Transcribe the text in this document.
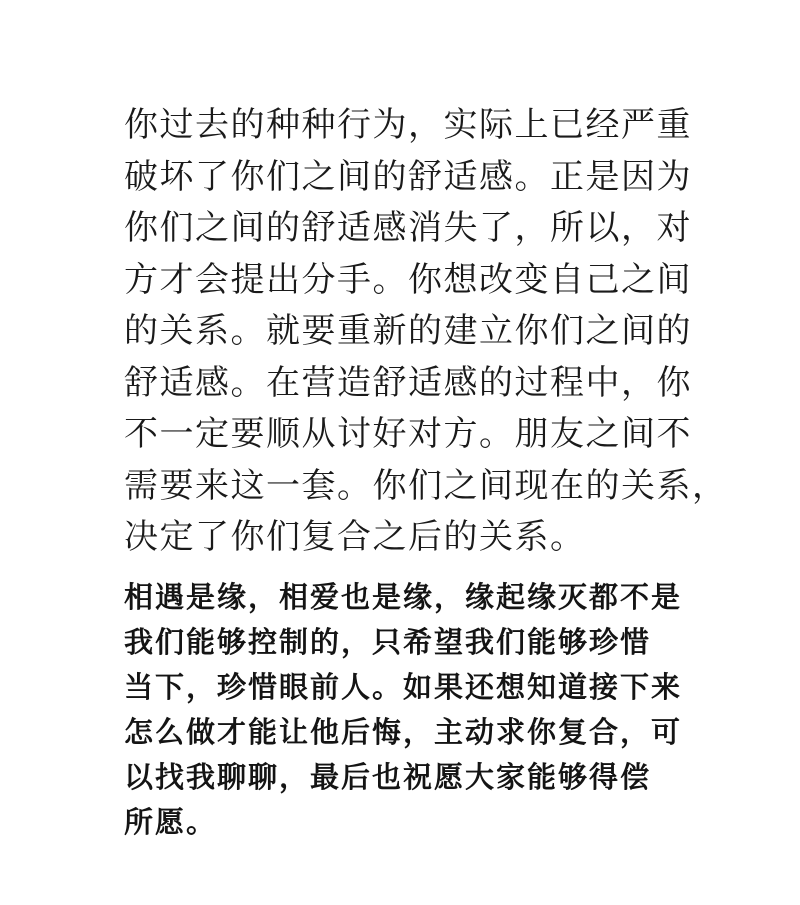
你过去的种种行为，实际上已经严重
破坏了你们之间的舒适感。正是因为
你们之间的舒适感消失了，所以，对
方才会提出分手。你想改变自己之间
的关系。就要重新的建立你们之间的
舒适感。在营造舒适感的过程中，你
不一定要顺从讨好对方。朋友之间不
需要来这一套。你们之间现在的关系，
决定了你们复合之后的关系。

相遇是缘，相爱也是缘，缘起缘灭都不是
我们能够控制的，只希望我们能够珍惜
当下，珍惜眼前人。如果还想知道接下来
怎么做才能让他后悔，主动求你复合，可
以找我聊聊，最后也祝愿大家能够得偿
所愿。
